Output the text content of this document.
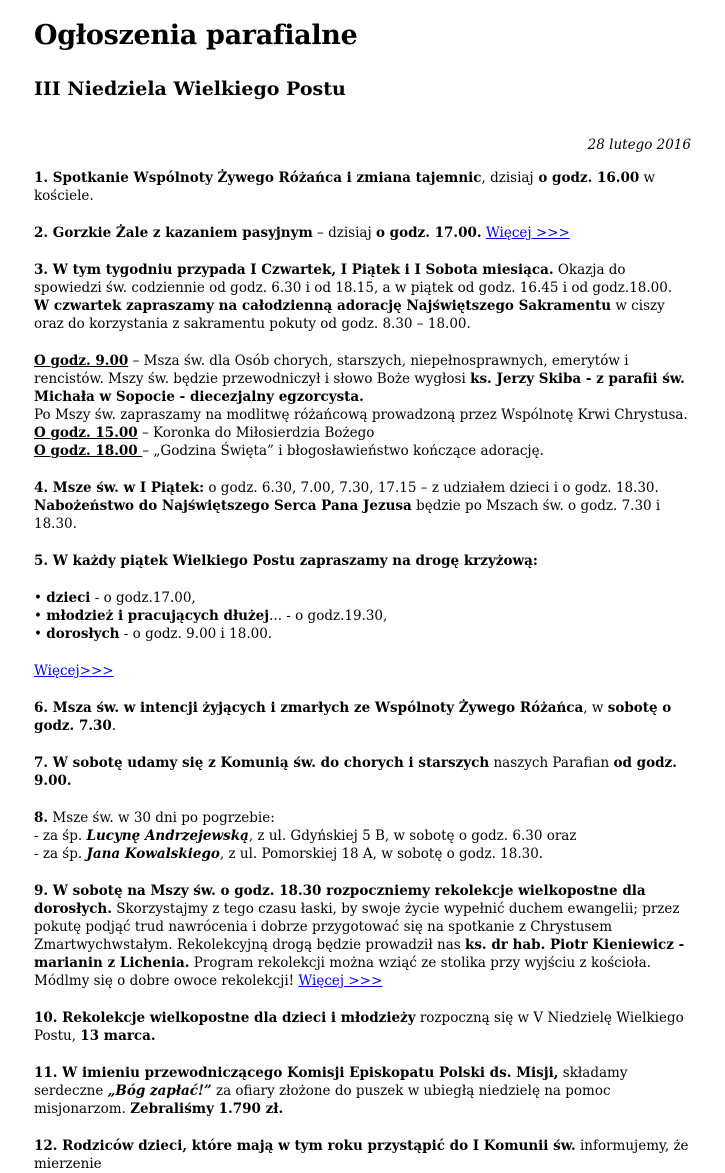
Ogłoszenia parafialne
III Niedziela Wielkiego Postu
28 lutego 2016

1. Spotkanie Wspólnoty Żywego Różańca i zmiana tajemnic, dzisiaj o godz. 16.00 w kościele.

2. Gorzkie Żale z kazaniem pasyjnym – dzisiaj o godz. 17.00. Więcej >>>

3. W tym tygodniu przypada I Czwartek, I Piątek i I Sobota miesiąca. Okazja do spowiedzi św. codziennie od godz. 6.30 i od 18.15, a w piątek od godz. 16.45 i od godz.18.00.
W czwartek zapraszamy na całodzienną adorację Najświętszego Sakramentu w ciszy oraz do korzystania z sakramentu pokuty od godz. 8.30 – 18.00.

O godz. 9.00 – Msza św. dla Osób chorych, starszych, niepełnosprawnych, emerytów i rencistów. Mszy św. będzie przewodniczył i słowo Boże wygłosi ks. Jerzy Skiba - z parafii św. Michała w Sopocie - diecezjalny egzorcysta.
Po Mszy św. zapraszamy na modlitwę różańcową prowadzoną przez Wspólnotę Krwi Chrystusa.
O godz. 15.00 – Koronka do Miłosierdzia Bożego
O godz. 18.00 – „Godzina Święta” i błogosławieństwo kończące adorację.

4. Msze św. w I Piątek: o godz. 6.30, 7.00, 7.30, 17.15 – z udziałem dzieci i o godz. 18.30.
Nabożeństwo do Najświętszego Serca Pana Jezusa będzie po Mszach św. o godz. 7.30 i 18.30.

5. W każdy piątek Wielkiego Postu zapraszamy na drogę krzyżową:

• dzieci - o godz.17.00,
• młodzież i pracujących dłużej... - o godz.19.30,
• dorosłych - o godz. 9.00 i 18.00.

Więcej>>>

6. Msza św. w intencji żyjących i zmarłych ze Wspólnoty Żywego Różańca, w sobotę o godz. 7.30.

7. W sobotę udamy się z Komunią św. do chorych i starszych naszych Parafian od godz. 9.00.

8. Msze św. w 30 dni po pogrzebie:
- za śp. Lucynę Andrzejewską, z ul. Gdyńskiej 5 B, w sobotę o godz. 6.30 oraz
- za śp. Jana Kowalskiego, z ul. Pomorskiej 18 A, w sobotę o godz. 18.30.

9. W sobotę na Mszy św. o godz. 18.30 rozpoczniemy rekolekcje wielkopostne dla dorosłych. Skorzystajmy z tego czasu łaski, by swoje życie wypełnić duchem ewangelii; przez pokutę podjąć trud nawrócenia i dobrze przygotować się na spotkanie z Chrystusem Zmartwychwstałym. Rekolekcyjną drogą będzie prowadził nas ks. dr hab. Piotr Kieniewicz - marianin z Lichenia. Program rekolekcji można wziąć ze stolika przy wyjściu z kościoła. Módlmy się o dobre owoce rekolekcji! Więcej >>>

10. Rekolekcje wielkopostne dla dzieci i młodzieży rozpoczną się w V Niedzielę Wielkiego Postu, 13 marca.

11. W imieniu przewodniczącego Komisji Episkopatu Polski ds. Misji, składamy serdeczne „Bóg zapłać!” za ofiary złożone do puszek w ubiegłą niedzielę na pomoc misjonarzom. Zebraliśmy 1.790 zł.

12. Rodziców dzieci, które mają w tym roku przystąpić do I Komunii św. informujemy, że mierzenie
